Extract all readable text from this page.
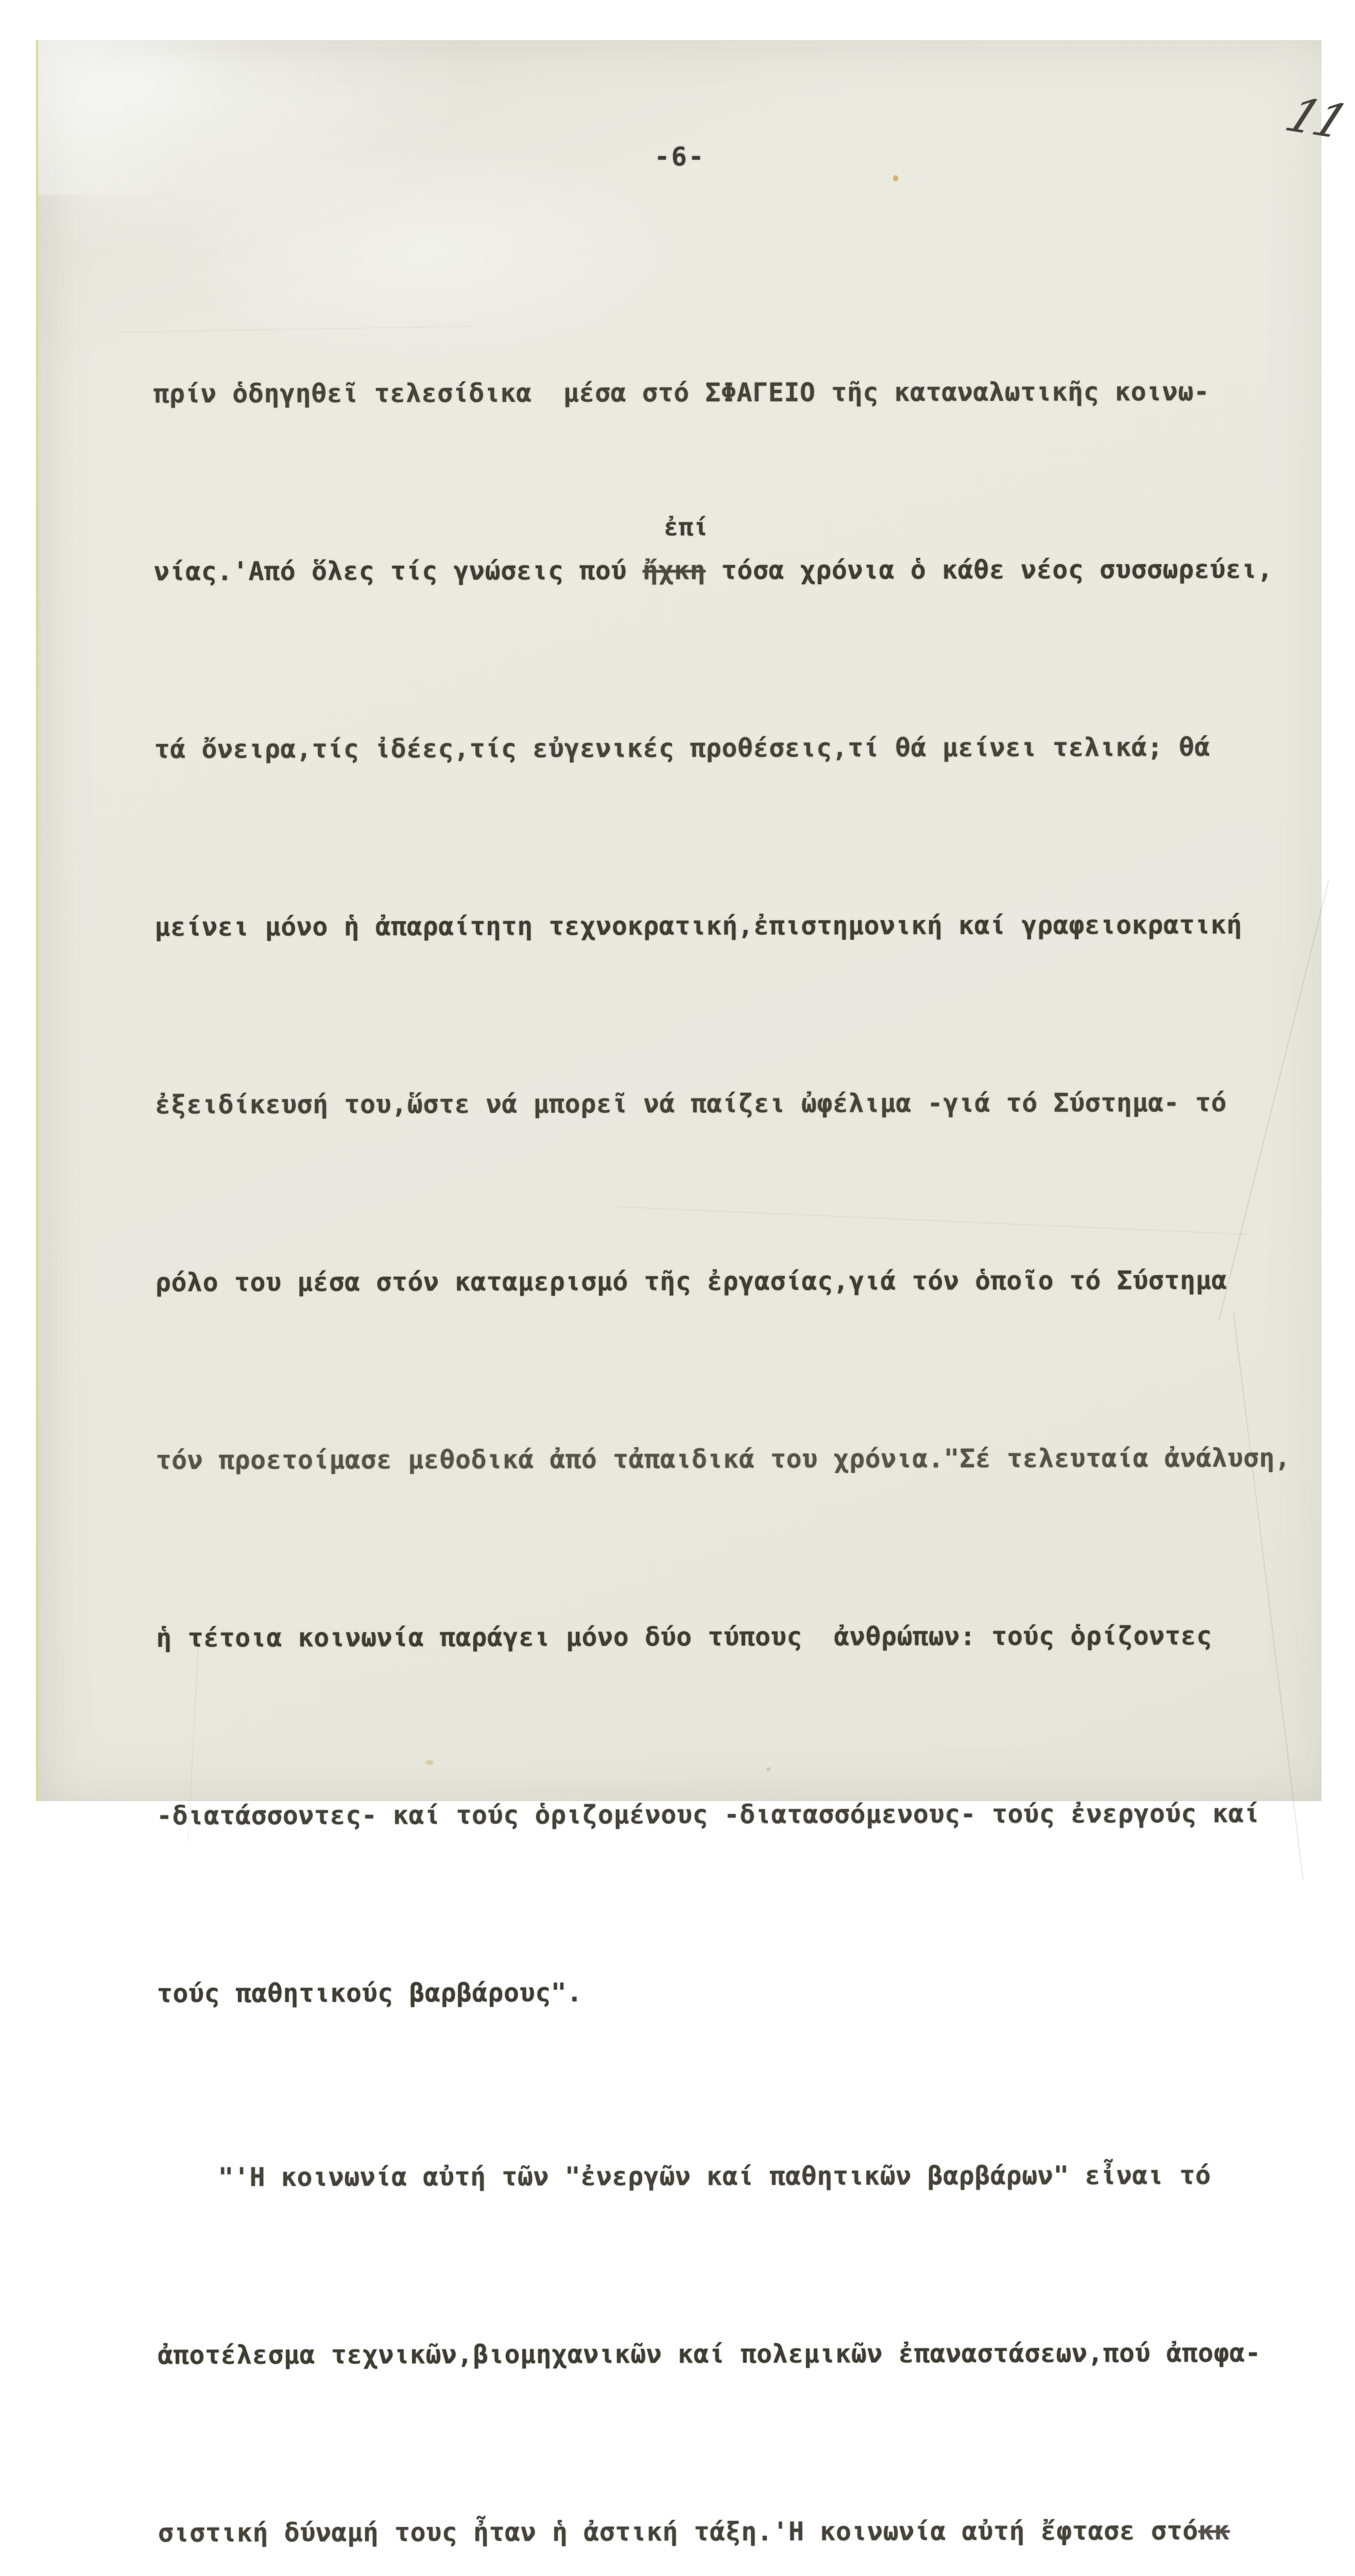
-6-
11

πρίν ὁδηγηθεῖ τελεσίδικα  μέσα στό ΣΦΑΓΕΙΟ τῆς καταναλωτικῆς κοινω-

νίας.'Από ὅλες τίς γνώσεις πού ἤχκη
ἐπί
τόσα χρόνια ὁ κάθε νέος συσσωρεύει,

τά ὄνειρα,τίς ἰδέες,τίς εὐγενικές προθέσεις,τί θά μείνει τελικά; θά

μείνει μόνο ἡ ἀπαραίτητη τεχνοκρατική,ἐπιστημονική καί γραφειοκρατική

ἐξειδίκευσή του,ὥστε νά μπορεῖ νά παίζει ὠφέλιμα -γιά τό Σύστημα- τό

ρόλο του μέσα στόν καταμερισμό τῆς ἐργασίας,γιά τόν ὁποῖο τό Σύστημα

τόν προετοίμασε μεθοδικά ἀπό τἀπαιδικά του χρόνια."Σέ τελευταία ἀνάλυση,

ἡ τέτοια κοινωνία παράγει μόνο δύο τύπους  ἀνθρώπων: τούς ὁρίζοντες

-διατάσσοντες- καί τούς ὁριζομένους -διατασσόμενους- τούς ἐνεργούς καί

τούς παθητικούς βαρβάρους".

"'Η κοινωνία αὐτή τῶν "ἐνεργῶν καί παθητικῶν βαρβάρων" εἶναι τό

ἀποτέλεσμα τεχνικῶν,βιομηχανικῶν καί πολεμικῶν ἐπαναστάσεων,πού ἀποφα-

σιστική δύναμή τους ἦταν ἡ ἀστική τάξη.'Η κοινωνία αὐτή ἔφτασε στόκκ
